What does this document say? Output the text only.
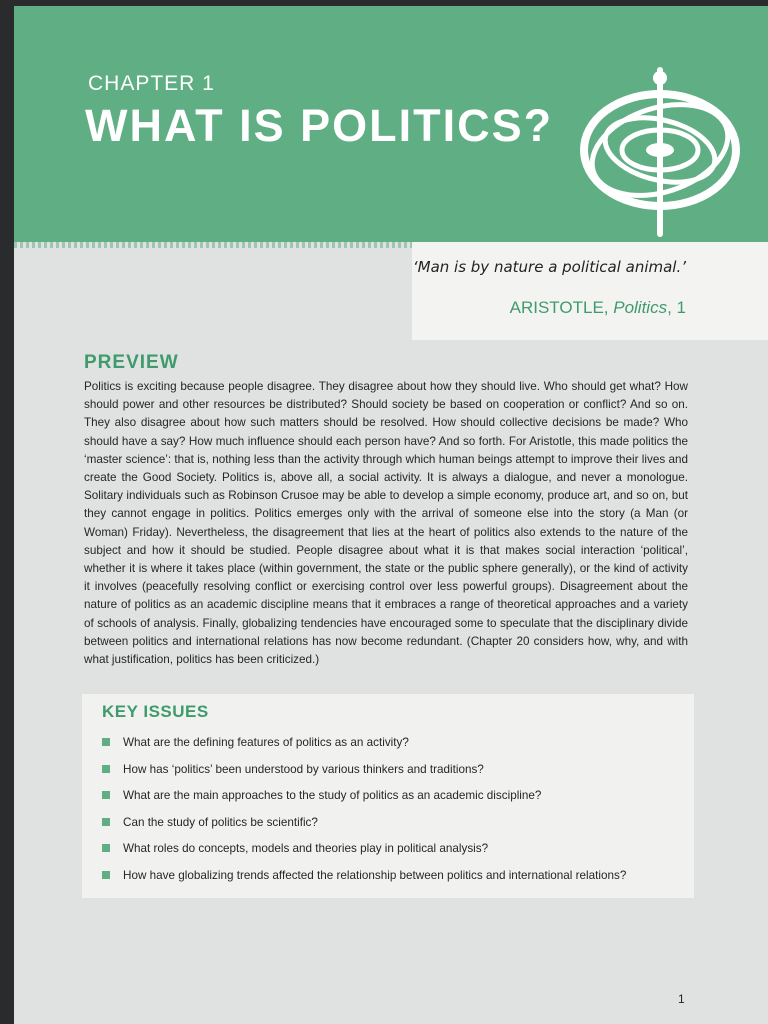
CHAPTER 1
WHAT IS POLITICS?
‘Man is by nature a political animal.’
ARISTOTLE, Politics, 1
PREVIEW

Politics is exciting because people disagree. They disagree about how they should live. Who should get what? How should power and other resources be distributed? Should society be based on cooperation or conflict? And so on. They also disagree about how such matters should be resolved. How should collective decisions be made? Who should have a say? How much influence should each person have? And so forth. For Aristotle, this made politics the ‘master science’: that is, nothing less than the activity through which human beings attempt to improve their lives and create the Good Society. Politics is, above all, a social activity. It is always a dialogue, and never a monologue. Solitary individuals such as Robinson Crusoe may be able to develop a simple economy, produce art, and so on, but they cannot engage in politics. Politics emerges only with the arrival of someone else into the story (a Man (or Woman) Friday). Nevertheless, the disagreement that lies at the heart of politics also extends to the nature of the subject and how it should be studied. People disagree about what it is that makes social interaction ‘political’, whether it is where it takes place (within government, the state or the public sphere generally), or the kind of activity it involves (peacefully resolving conflict or exercising control over less powerful groups). Disagreement about the nature of politics as an academic discipline means that it embraces a range of theoretical approaches and a variety of schools of analysis. Finally, globalizing tendencies have encouraged some to speculate that the disciplinary divide between politics and international relations has now become redundant. (Chapter 20 considers how, why, and with what justification, politics has been criticized.)

KEY ISSUES
What are the defining features of politics as an activity?
How has ‘politics’ been understood by various thinkers and traditions?
What are the main approaches to the study of politics as an academic discipline?
Can the study of politics be scientific?
What roles do concepts, models and theories play in political analysis?
How have globalizing trends affected the relationship between politics and international relations?
1
